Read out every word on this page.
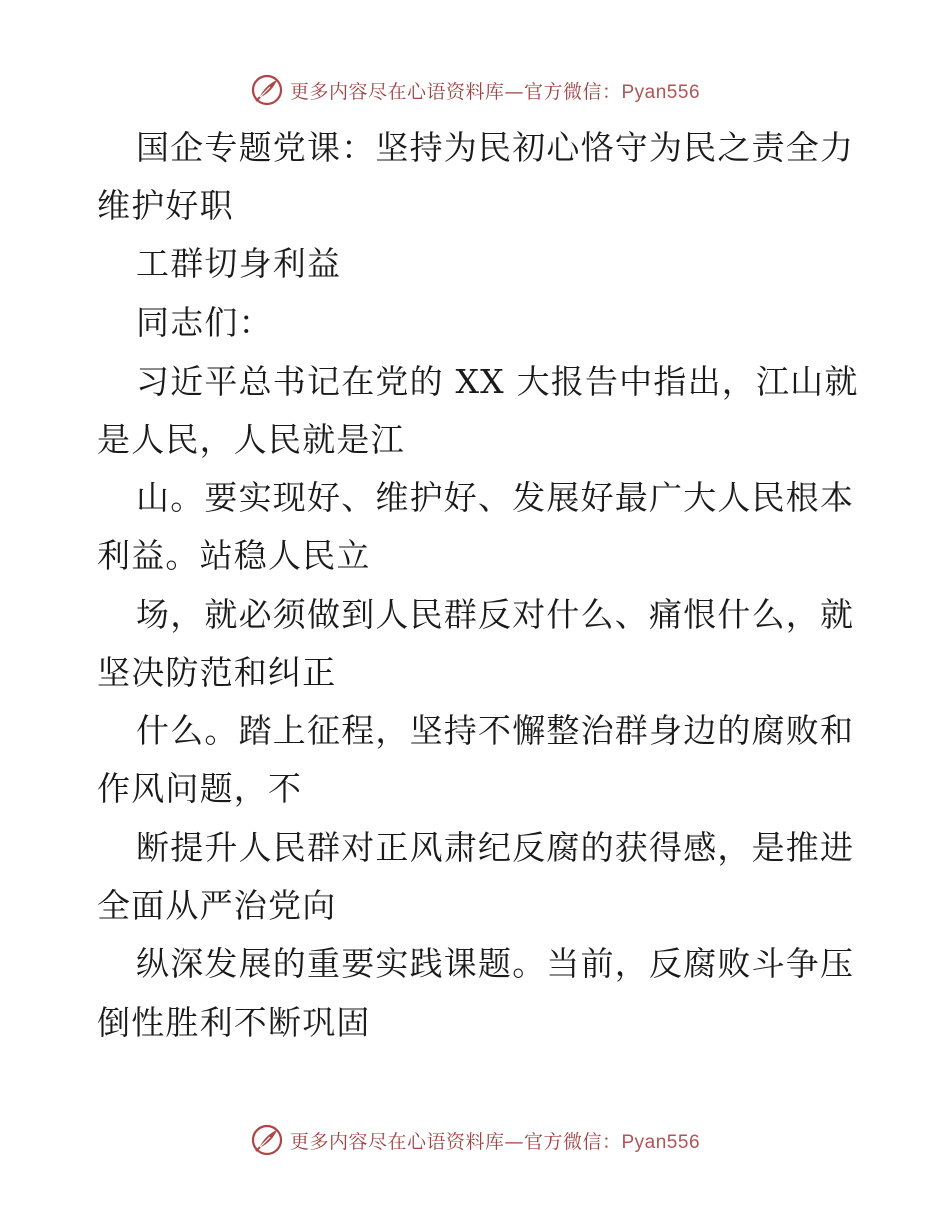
更多内容尽在心语资料库—官方微信：Pyan556
国企专题党课：坚持为民初心恪守为民之责全力
维护好职
工群切身利益
同志们：
习近平总书记在党的 XX 大报告中指出，江山就
是人民，人民就是江
山。要实现好、维护好、发展好最广大人民根本
利益。站稳人民立
场，就必须做到人民群反对什么、痛恨什么，就
坚决防范和纠正
什么。踏上征程，坚持不懈整治群身边的腐败和
作风问题，不
断提升人民群对正风肃纪反腐的获得感，是推进
全面从严治党向
纵深发展的重要实践课题。当前，反腐败斗争压
倒性胜利不断巩固
更多内容尽在心语资料库—官方微信：Pyan556
